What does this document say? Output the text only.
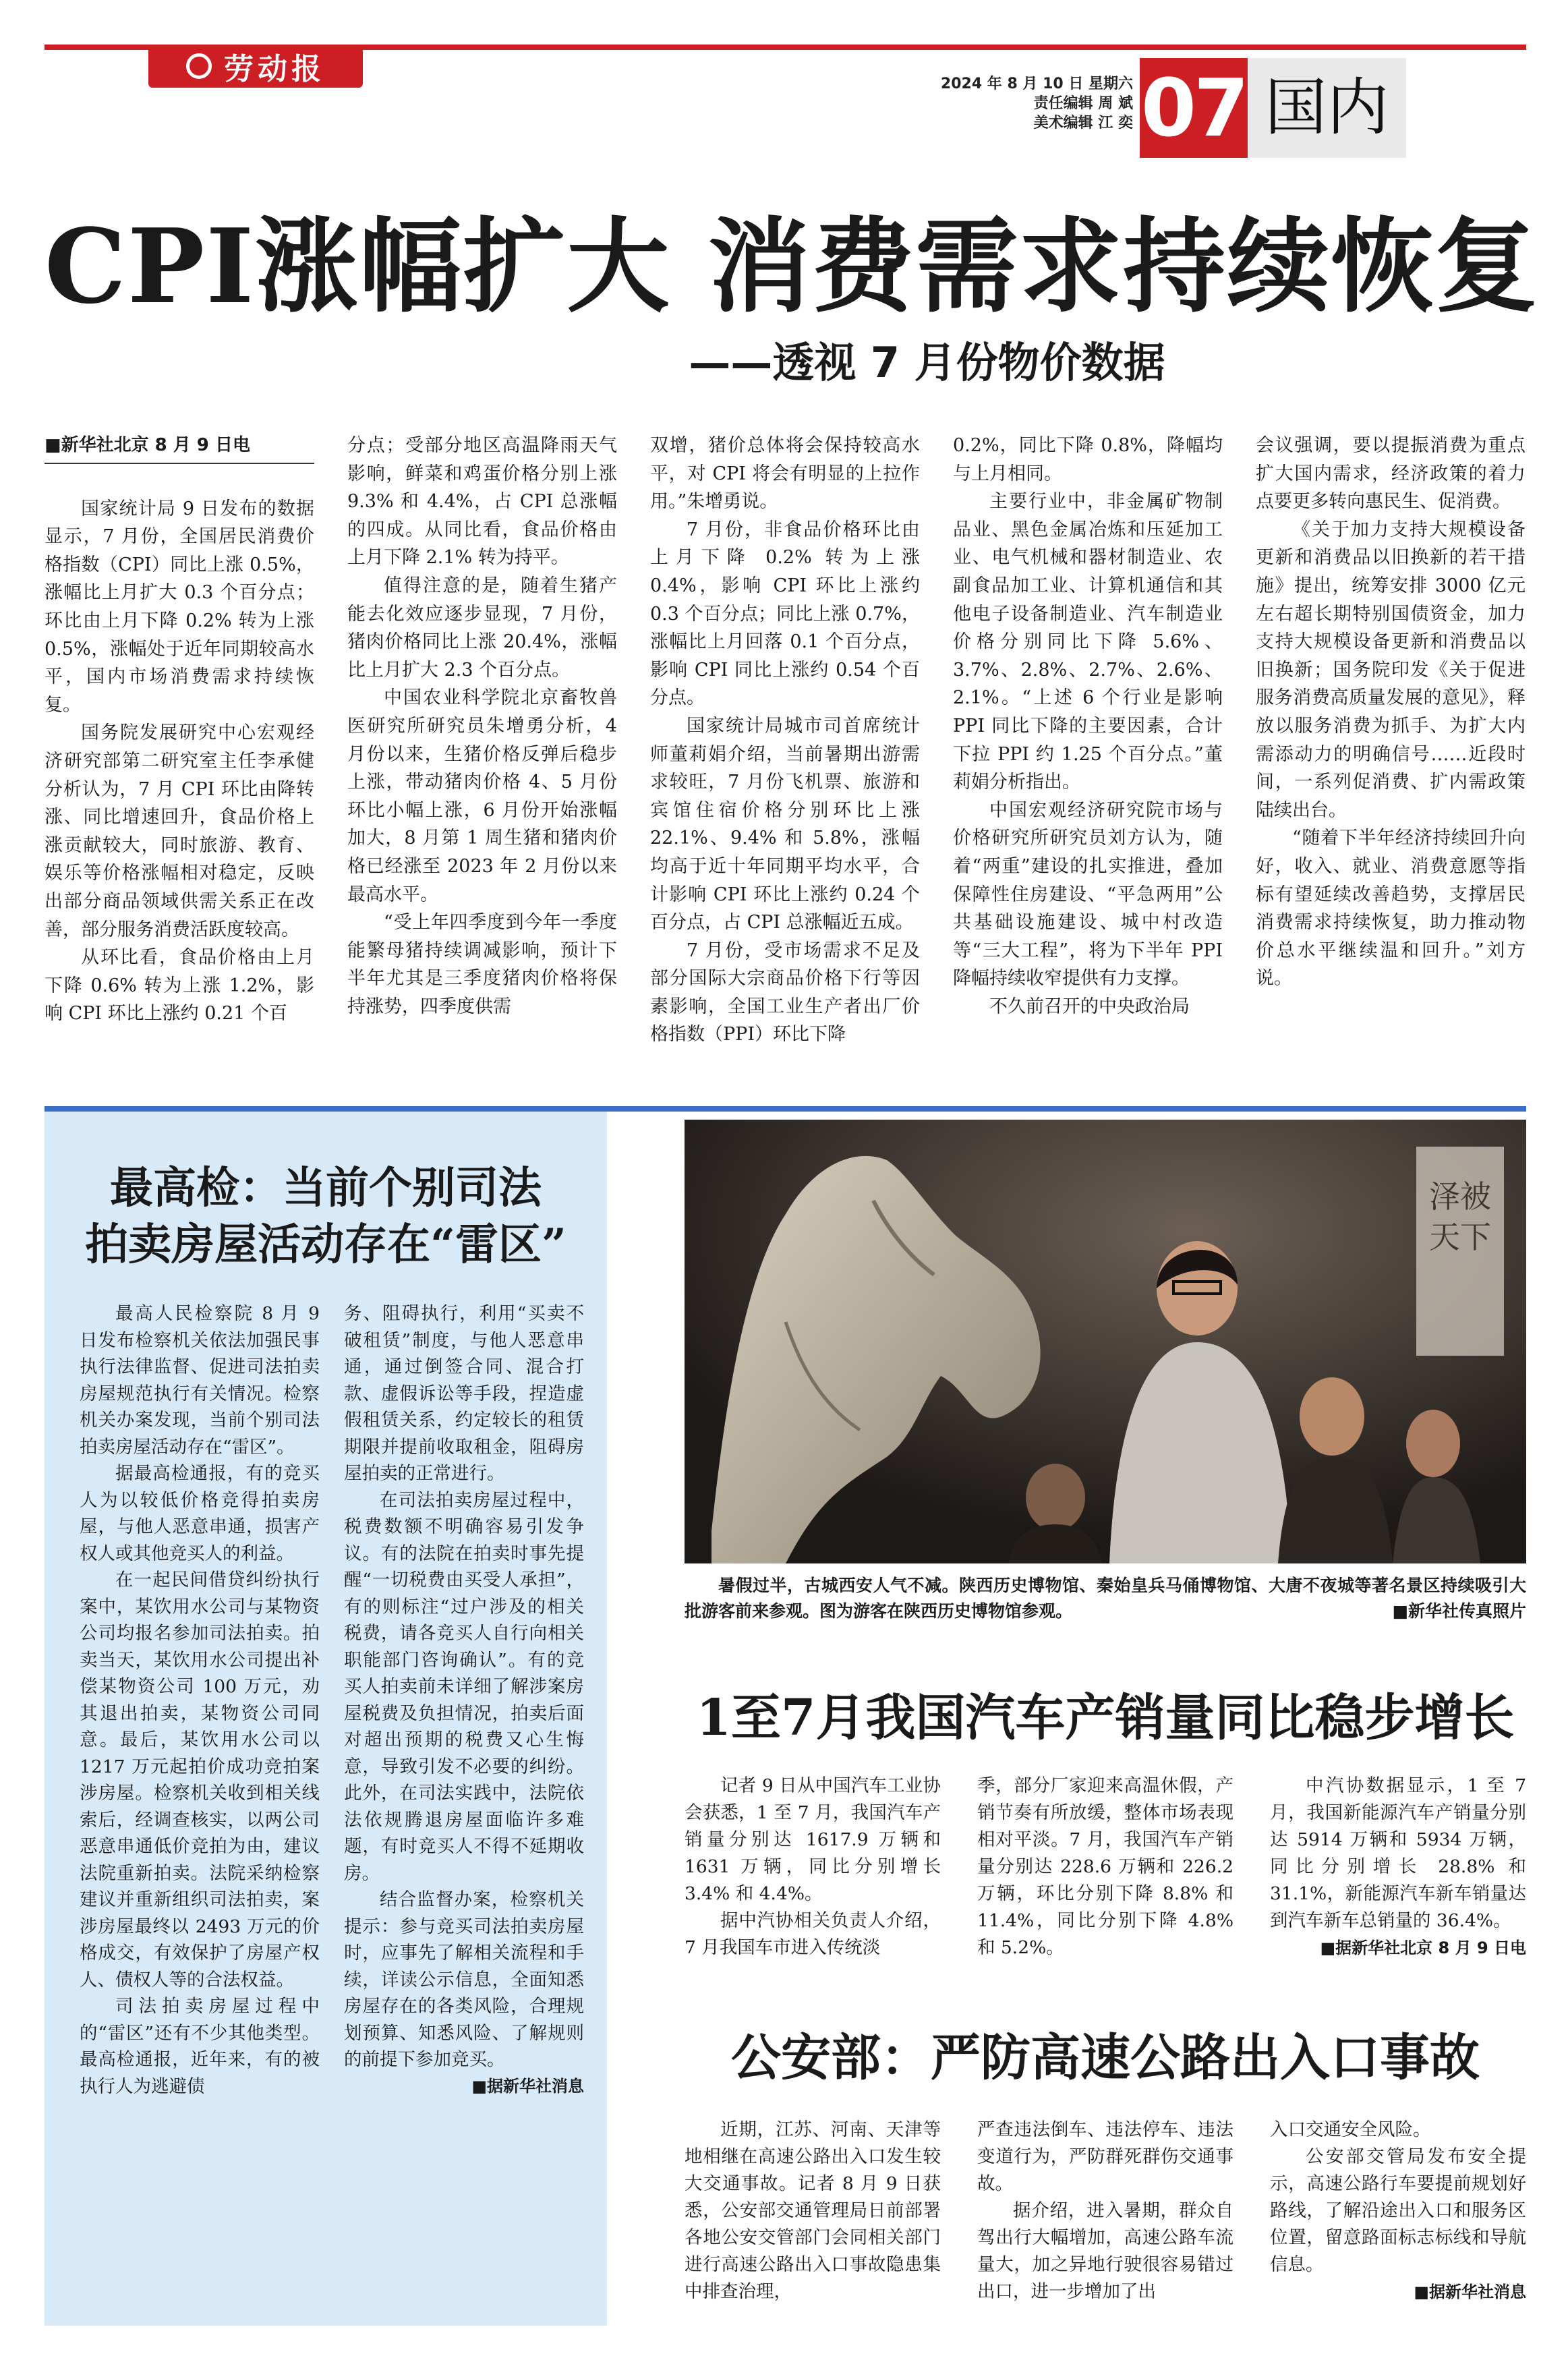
劳动报	2024 年 8 月 10 日 星期六
责任编辑 周 斌
美术编辑 江 奕 07 国内
CPI涨幅扩大 消费需求持续恢复
——透视 7 月份物价数据

■新华社北京 8 月 9 日电

国家统计局 9 日发布的数据显示，7 月份，全国居民消费价格指数（CPI）同比上涨 0.5%，涨幅比上月扩大 0.3 个百分点；环比由上月下降 0.2% 转为上涨 0.5%，涨幅处于近年同期较高水平，国内市场消费需求持续恢复。

国务院发展研究中心宏观经济研究部第二研究室主任李承健分析认为，7 月 CPI 环比由降转涨、同比增速回升，食品价格上涨贡献较大，同时旅游、教育、娱乐等价格涨幅相对稳定，反映出部分商品领域供需关系正在改善，部分服务消费活跃度较高。

从环比看，食品价格由上月下降 0.6% 转为上涨 1.2%，影响 CPI 环比上涨约 0.21 个百

分点；受部分地区高温降雨天气影响，鲜菜和鸡蛋价格分别上涨 9.3% 和 4.4%，占 CPI 总涨幅的四成。从同比看，食品价格由上月下降 2.1% 转为持平。

值得注意的是，随着生猪产能去化效应逐步显现，7 月份，猪肉价格同比上涨 20.4%，涨幅比上月扩大 2.3 个百分点。

中国农业科学院北京畜牧兽医研究所研究员朱增勇分析，4 月份以来，生猪价格反弹后稳步上涨，带动猪肉价格 4、5 月份环比小幅上涨，6 月份开始涨幅加大，8 月第 1 周生猪和猪肉价格已经涨至 2023 年 2 月份以来最高水平。

“受上年四季度到今年一季度能繁母猪持续调减影响，预计下半年尤其是三季度猪肉价格将保持涨势，四季度供需

双增，猪价总体将会保持较高水平，对 CPI 将会有明显的上拉作用。”朱增勇说。

7 月份，非食品价格环比由上月下降 0.2% 转为上涨 0.4%，影响 CPI 环比上涨约 0.3 个百分点；同比上涨 0.7%，涨幅比上月回落 0.1 个百分点，影响 CPI 同比上涨约 0.54 个百分点。

国家统计局城市司首席统计师董莉娟介绍，当前暑期出游需求较旺，7 月份飞机票、旅游和宾馆住宿价格分别环比上涨 22.1%、9.4% 和 5.8%，涨幅均高于近十年同期平均水平，合计影响 CPI 环比上涨约 0.24 个百分点，占 CPI 总涨幅近五成。

7 月份，受市场需求不足及部分国际大宗商品价格下行等因素影响，全国工业生产者出厂价格指数（PPI）环比下降

0.2%，同比下降 0.8%，降幅均与上月相同。

主要行业中，非金属矿物制品业、黑色金属冶炼和压延加工业、电气机械和器材制造业、农副食品加工业、计算机通信和其他电子设备制造业、汽车制造业价格分别同比下降 5.6%、3.7%、2.8%、2.7%、2.6%、2.1%。“上述 6 个行业是影响 PPI 同比下降的主要因素，合计下拉 PPI 约 1.25 个百分点。”董莉娟分析指出。

中国宏观经济研究院市场与价格研究所研究员刘方认为，随着“两重”建设的扎实推进，叠加保障性住房建设、“平急两用”公共基础设施建设、城中村改造等“三大工程”，将为下半年 PPI 降幅持续收窄提供有力支撑。

不久前召开的中央政治局

会议强调，要以提振消费为重点扩大国内需求，经济政策的着力点要更多转向惠民生、促消费。

《关于加力支持大规模设备更新和消费品以旧换新的若干措施》提出，统筹安排 3000 亿元左右超长期特别国债资金，加力支持大规模设备更新和消费品以旧换新；国务院印发《关于促进服务消费高质量发展的意见》，释放以服务消费为抓手、为扩大内需添动力的明确信号……近段时间，一系列促消费、扩内需政策陆续出台。

“随着下半年经济持续回升向好，收入、就业、消费意愿等指标有望延续改善趋势，支撑居民消费需求持续恢复，助力推动物价总水平继续温和回升。”刘方说。

最高检：当前个别司法
拍卖房屋活动存在“雷区”

最高人民检察院 8 月 9 日发布检察机关依法加强民事执行法律监督、促进司法拍卖房屋规范执行有关情况。检察机关办案发现，当前个别司法拍卖房屋活动存在“雷区”。

据最高检通报，有的竞买人为以较低价格竞得拍卖房屋，与他人恶意串通，损害产权人或其他竞买人的利益。

在一起民间借贷纠纷执行案中，某饮用水公司与某物资公司均报名参加司法拍卖。拍卖当天，某饮用水公司提出补偿某物资公司 100 万元，劝其退出拍卖，某物资公司同意。最后，某饮用水公司以 1217 万元起拍价成功竞拍案涉房屋。检察机关收到相关线索后，经调查核实，以两公司恶意串通低价竞拍为由，建议法院重新拍卖。法院采纳检察建议并重新组织司法拍卖，案涉房屋最终以 2493 万元的价格成交，有效保护了房屋产权人、债权人等的合法权益。

司法拍卖房屋过程中的“雷区”还有不少其他类型。最高检通报，近年来，有的被执行人为逃避债

务、阻碍执行，利用“买卖不破租赁”制度，与他人恶意串通，通过倒签合同、混合打款、虚假诉讼等手段，捏造虚假租赁关系，约定较长的租赁期限并提前收取租金，阻碍房屋拍卖的正常进行。

在司法拍卖房屋过程中，税费数额不明确容易引发争议。有的法院在拍卖时事先提醒“一切税费由买受人承担”，有的则标注“过户涉及的相关税费，请各竞买人自行向相关职能部门咨询确认”。有的竞买人拍卖前未详细了解涉案房屋税费及负担情况，拍卖后面对超出预期的税费又心生悔意，导致引发不必要的纠纷。此外，在司法实践中，法院依法依规腾退房屋面临许多难题，有时竞买人不得不延期收房。

结合监督办案，检察机关提示：参与竞买司法拍卖房屋时，应事先了解相关流程和手续，详读公示信息，全面知悉房屋存在的各类风险，合理规划预算、知悉风险、了解规则的前提下参加竞买。

■据新华社消息

泽被
天下
暑假过半，古城西安人气不减。陕西历史博物馆、秦始皇兵马俑博物馆、大唐不夜城等著名景区持续吸引大批游客前来参观。图为游客在陕西历史博物馆参观。	■新华社传真照片
1至7月我国汽车产销量同比稳步增长

记者 9 日从中国汽车工业协会获悉，1 至 7 月，我国汽车产销量分别达 1617.9 万辆和 1631 万辆，同比分别增长 3.4% 和 4.4%。

据中汽协相关负责人介绍，7 月我国车市进入传统淡

季，部分厂家迎来高温休假，产销节奏有所放缓，整体市场表现相对平淡。7 月，我国汽车产销量分别达 228.6 万辆和 226.2 万辆，环比分别下降 8.8% 和 11.4%，同比分别下降 4.8% 和 5.2%。

中汽协数据显示，1 至 7 月，我国新能源汽车产销量分别达 5914 万辆和 5934 万辆，同比分别增长 28.8% 和 31.1%，新能源汽车新车销量达到汽车新车总销量的 36.4%。

■据新华社北京 8 月 9 日电

公安部：严防高速公路出入口事故

近期，江苏、河南、天津等地相继在高速公路出入口发生较大交通事故。记者 8 月 9 日获悉，公安部交通管理局日前部署各地公安交管部门会同相关部门进行高速公路出入口事故隐患集中排查治理，

严查违法倒车、违法停车、违法变道行为，严防群死群伤交通事故。

据介绍，进入暑期，群众自驾出行大幅增加，高速公路车流量大，加之异地行驶很容易错过出口，进一步增加了出

入口交通安全风险。

公安部交管局发布安全提示，高速公路行车要提前规划好路线，了解沿途出入口和服务区位置，留意路面标志标线和导航信息。

■据新华社消息
